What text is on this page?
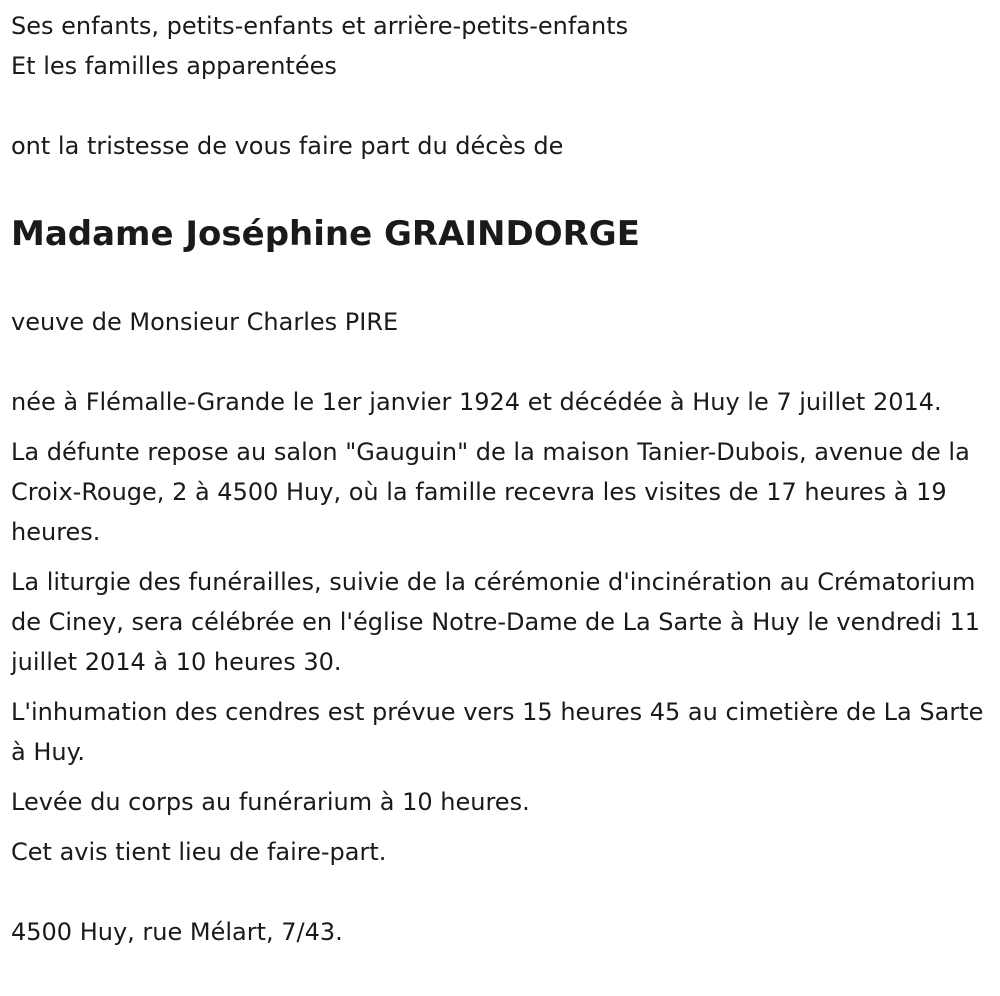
Ses enfants, petits-enfants et arrière-petits-enfants

Et les familles apparentées

ont la tristesse de vous faire part du décès de

Madame Joséphine GRAINDORGE

veuve de Monsieur Charles PIRE

née à Flémalle-Grande le 1er janvier 1924 et décédée à Huy le 7 juillet 2014.

La défunte repose au salon "Gauguin" de la maison Tanier-Dubois, avenue de la Croix-Rouge, 2 à 4500 Huy, où la famille recevra les visites de 17 heures à 19 heures.

La liturgie des funérailles, suivie de la cérémonie d'incinération au Crématorium de Ciney, sera célébrée en l'église Notre-Dame de La Sarte à Huy le vendredi 11 juillet 2014 à 10 heures 30.

L'inhumation des cendres est prévue vers 15 heures 45 au cimetière de La Sarte à Huy.

Levée du corps au funérarium à 10 heures.

Cet avis tient lieu de faire-part.

4500 Huy, rue Mélart, 7/43.
